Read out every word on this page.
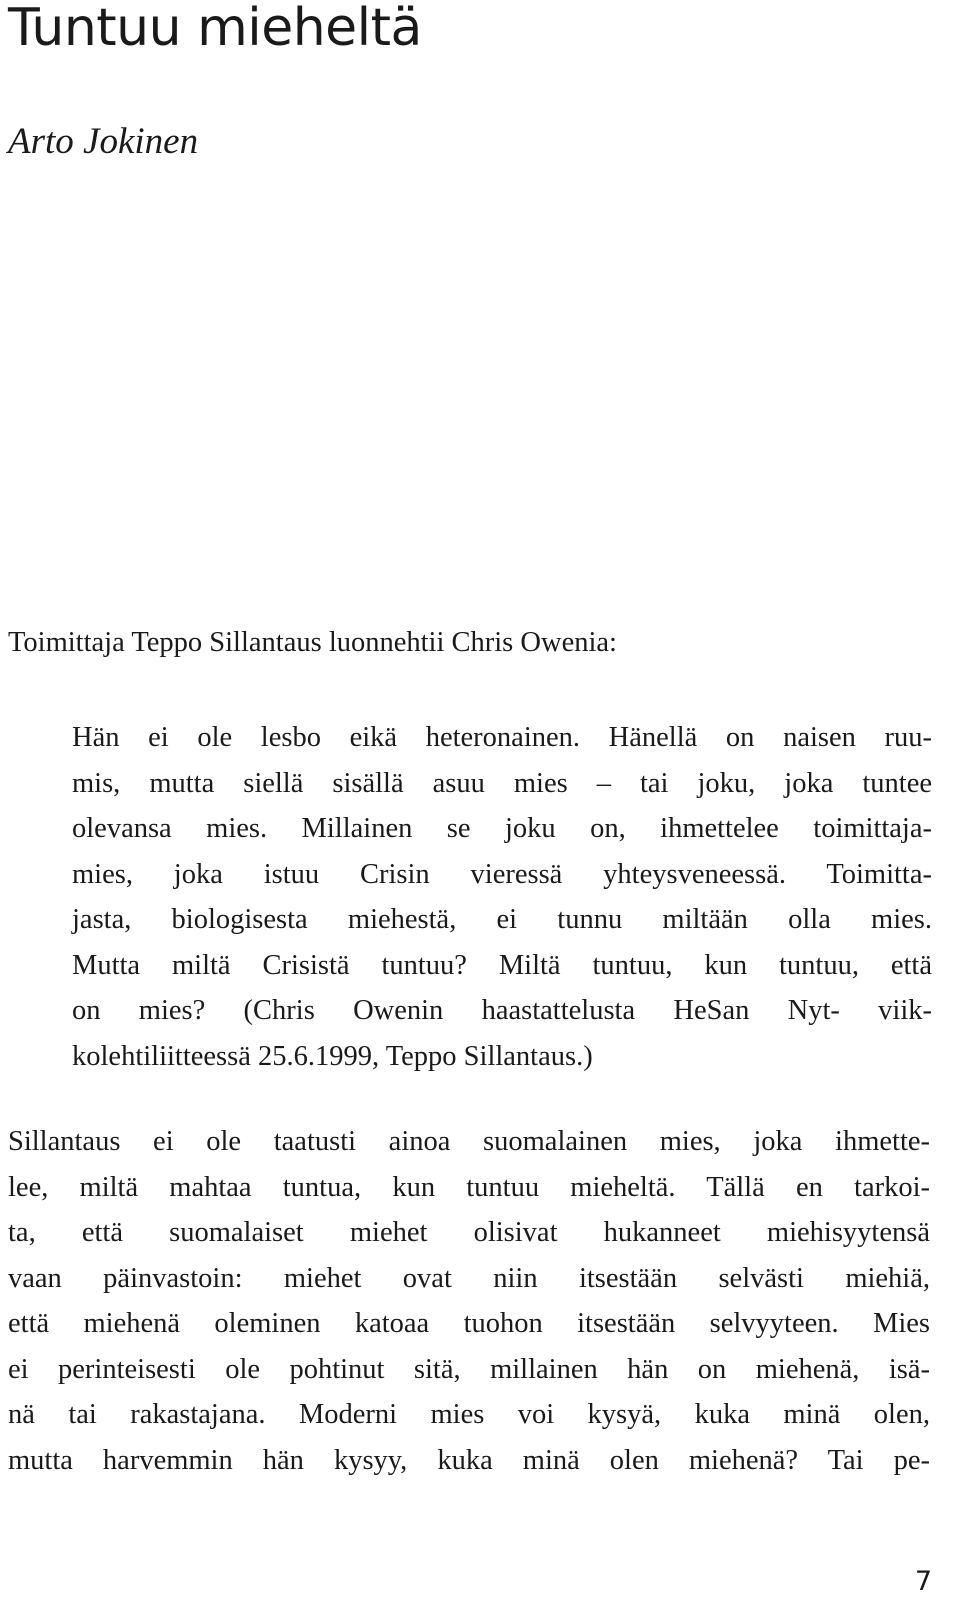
Tuntuu mieheltä

Arto Jokinen

Toimittaja Teppo Sillantaus luonnehtii Chris Owenia:

Hän ei ole lesbo eikä heteronainen. Hänellä on naisen ruu-
mis, mutta siellä sisällä asuu mies – tai joku, joka tuntee
olevansa mies. Millainen se joku on, ihmettelee toimittaja-
mies, joka istuu Crisin vieressä yhteysveneessä. Toimitta-
jasta, biologisesta miehestä, ei tunnu miltään olla mies.
Mutta miltä Crisistä tuntuu? Miltä tuntuu, kun tuntuu, että
on mies? (Chris Owenin haastattelusta HeSan Nyt- viik-
kolehtiliitteessä 25.6.1999, Teppo Sillantaus.)
Sillantaus ei ole taatusti ainoa suomalainen mies, joka ihmette-
lee, miltä mahtaa tuntua, kun tuntuu mieheltä. Tällä en tarkoi-
ta, että suomalaiset miehet olisivat hukanneet miehisyytensä
vaan päinvastoin: miehet ovat niin itsestään selvästi miehiä,
että miehenä oleminen katoaa tuohon itsestään selvyyteen. Mies
ei perinteisesti ole pohtinut sitä, millainen hän on miehenä, isä-
nä tai rakastajana. Moderni mies voi kysyä, kuka minä olen,
mutta harvemmin hän kysyy, kuka minä olen miehenä? Tai pe-

7
